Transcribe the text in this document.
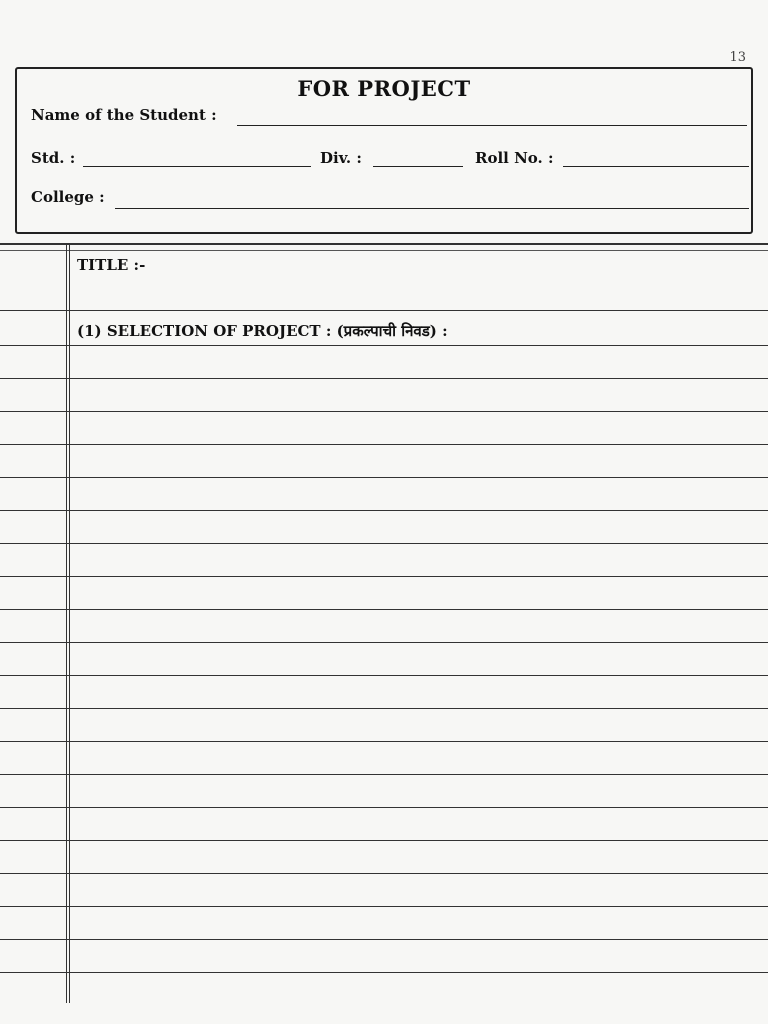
13
FOR PROJECT
Name of the Student :
Std. :	Div. :	Roll No. :
College :
TITLE :-
(1) SELECTION OF PROJECT : (प्रकल्पाची निवड) :
